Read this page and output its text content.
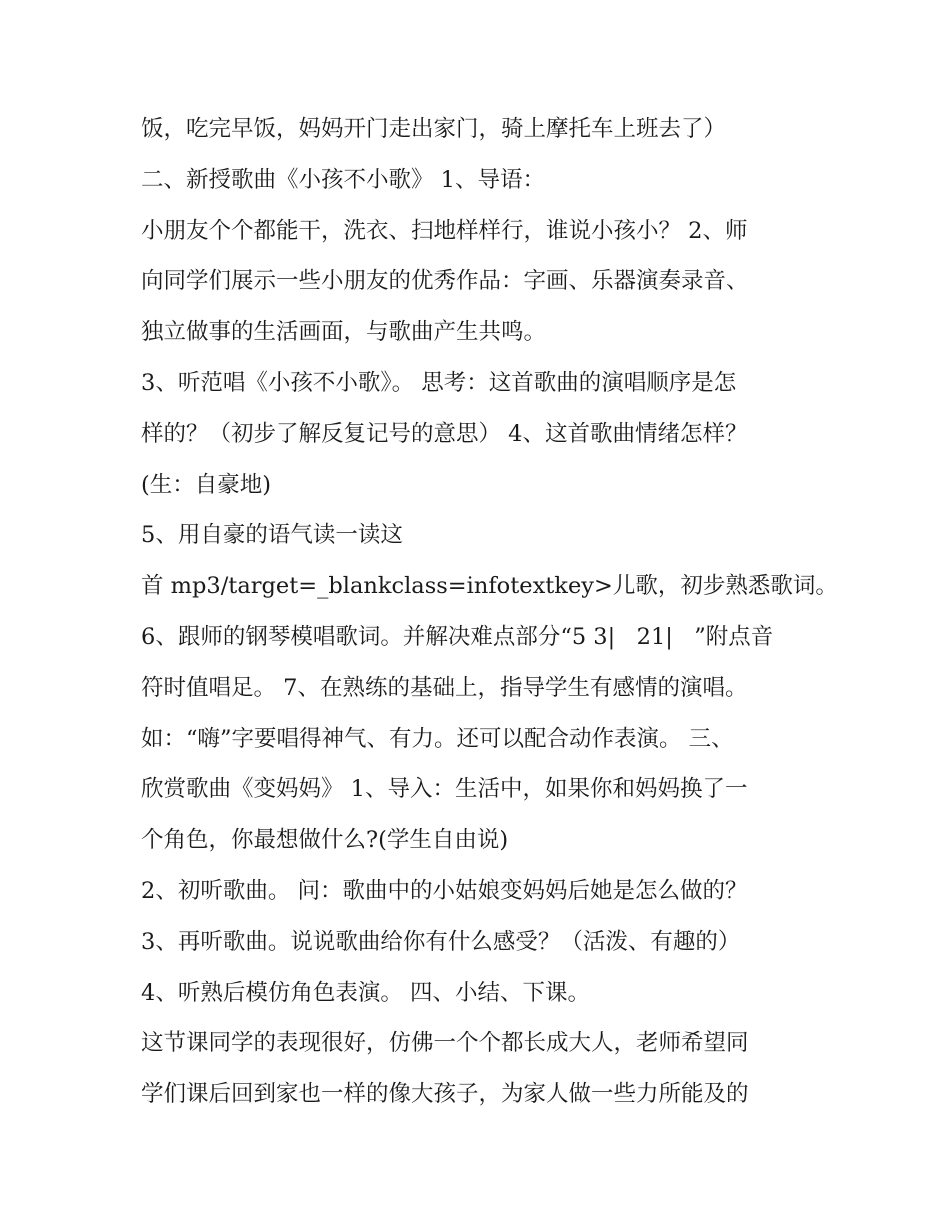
饭，吃完早饭，妈妈开门走出家门，骑上摩托车上班去了）
二、新授歌曲《小孩不小歌》 1、导语：
小朋友个个都能干，洗衣、扫地样样行，谁说小孩小？ 2、师
向同学们展示一些小朋友的优秀作品：字画、乐器演奏录音、
独立做事的生活画面，与歌曲产生共鸣。
3、听范唱《小孩不小歌》。 思考：这首歌曲的演唱顺序是怎
样的？（初步了解反复记号的意思） 4、这首歌曲情绪怎样？
(生：自豪地)
5、用自豪的语气读一读这
首 mp3/target=_blankclass=infotextkey>儿歌，初步熟悉歌词。
6、跟师的钢琴模唱歌词。并解决难点部分“5 3|   21|   ”附点音
符时值唱足。 7、在熟练的基础上，指导学生有感情的演唱。
如：“嗨”字要唱得神气、有力。还可以配合动作表演。 三、
欣赏歌曲《变妈妈》 1、导入：生活中，如果你和妈妈换了一
个角色，你最想做什么?(学生自由说)
2、初听歌曲。 问：歌曲中的小姑娘变妈妈后她是怎么做的？
3、再听歌曲。说说歌曲给你有什么感受？（活泼、有趣的）
4、听熟后模仿角色表演。 四、小结、下课。
这节课同学的表现很好，仿佛一个个都长成大人，老师希望同
学们课后回到家也一样的像大孩子，为家人做一些力所能及的
